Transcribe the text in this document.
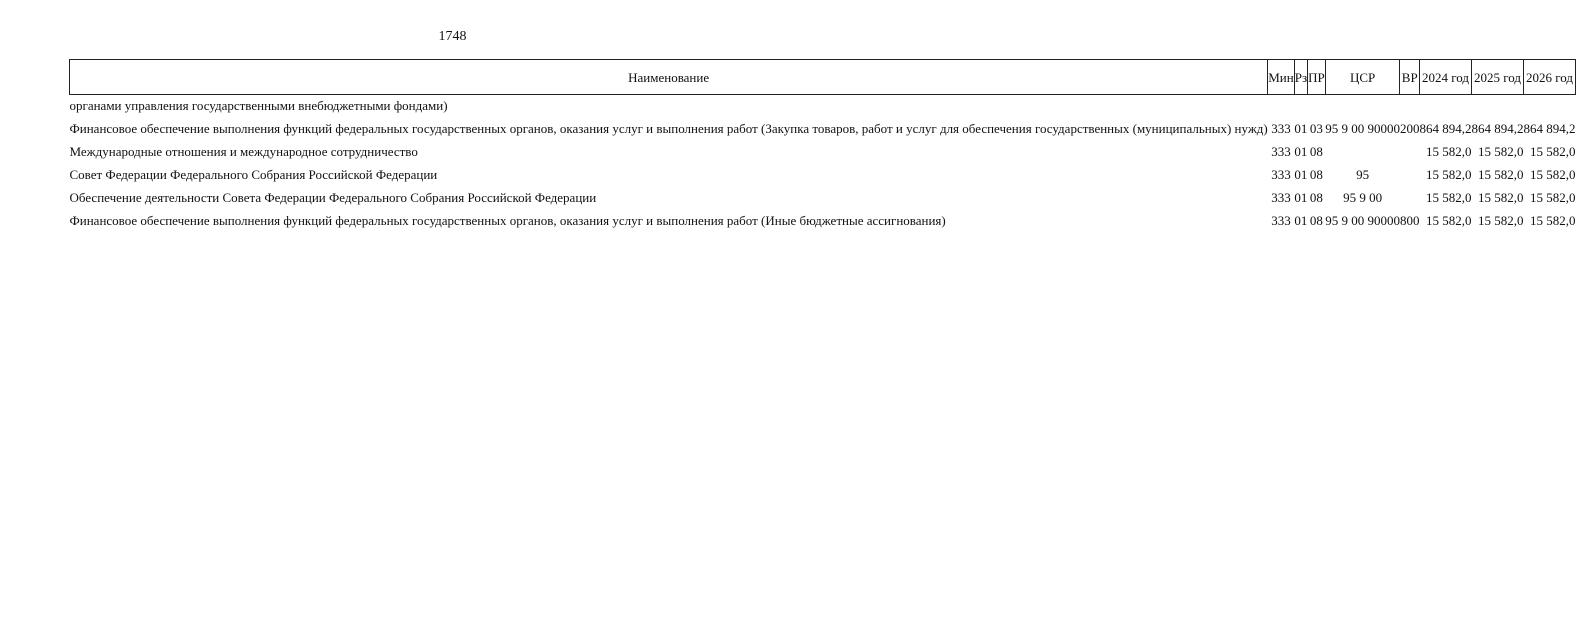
1748
Наименование	Мин	Рз	ПР	ЦСР	ВР	2024 год	2025 год	2026 год
органами управления государственными внебюджетными фондами)								
Финансовое обеспечение выполнения функций федеральных государственных органов, оказания услуг и выполнения работ (Закупка товаров, работ и услуг для обеспечения государственных (муниципальных) нужд)	333	01	03	95 9 00 90000	200	864 894,2	864 894,2	864 894,2
Международные отношения и международное сотрудничество	333	01	08			15 582,0	15 582,0	15 582,0
Совет Федерации Федерального Собрания Российской Федерации	333	01	08	95		15 582,0	15 582,0	15 582,0
Обеспечение деятельности Совета Федерации Федерального Собрания Российской Федерации	333	01	08	95 9 00		15 582,0	15 582,0	15 582,0
Финансовое обеспечение выполнения функций федеральных государственных органов, оказания услуг и выполнения работ (Иные бюджетные ассигнования)	333	01	08	95 9 00 90000	800	15 582,0	15 582,0	15 582,0
